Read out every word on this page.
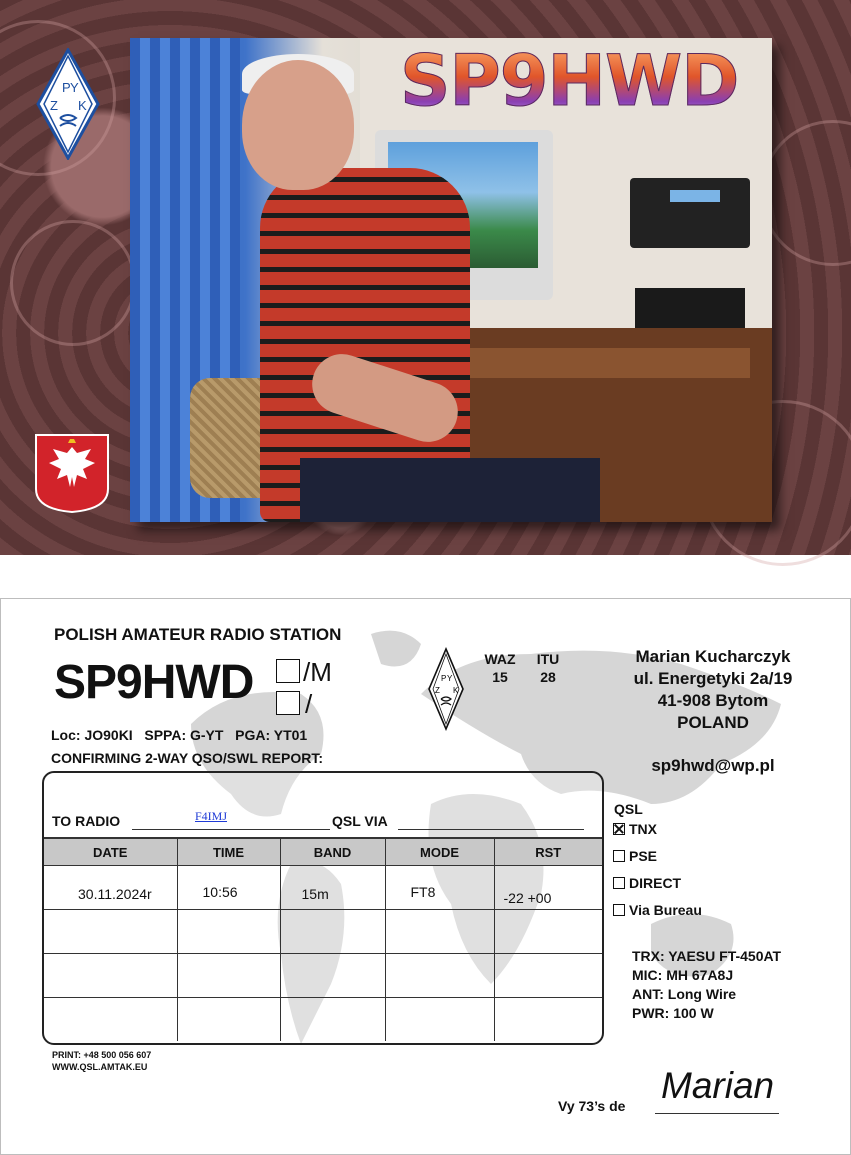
P Y
Z K	SP9HWD
POLISH AMATEUR RADIO STATION
SP9HWD /M
/
Loc: JO90KI   SPPA: G-YT   PGA: YT01
CONFIRMING 2-WAY QSO/SWL REPORT:
P Y
Z K
WAZ
15
ITU
28
Marian Kucharczyk
ul. Energetyki 2a/19
41-908 Bytom
POLAND
sp9hwd@wp.pl
TO RADIO	F4IMJ	QSL VIA
DATE	TIME	BAND	MODE	RST

30.11.2024r	10:56	15m	FT8	-22 +00

QSL
TNX
PSE
DIRECT
Via Bureau
TRX: YAESU FT-450AT
MIC: MH 67A8J
ANT: Long Wire
PWR: 100 W
PRINT: +48 500 056 607
WWW.QSL.AMTAK.EU
Vy 73’s de Marian
